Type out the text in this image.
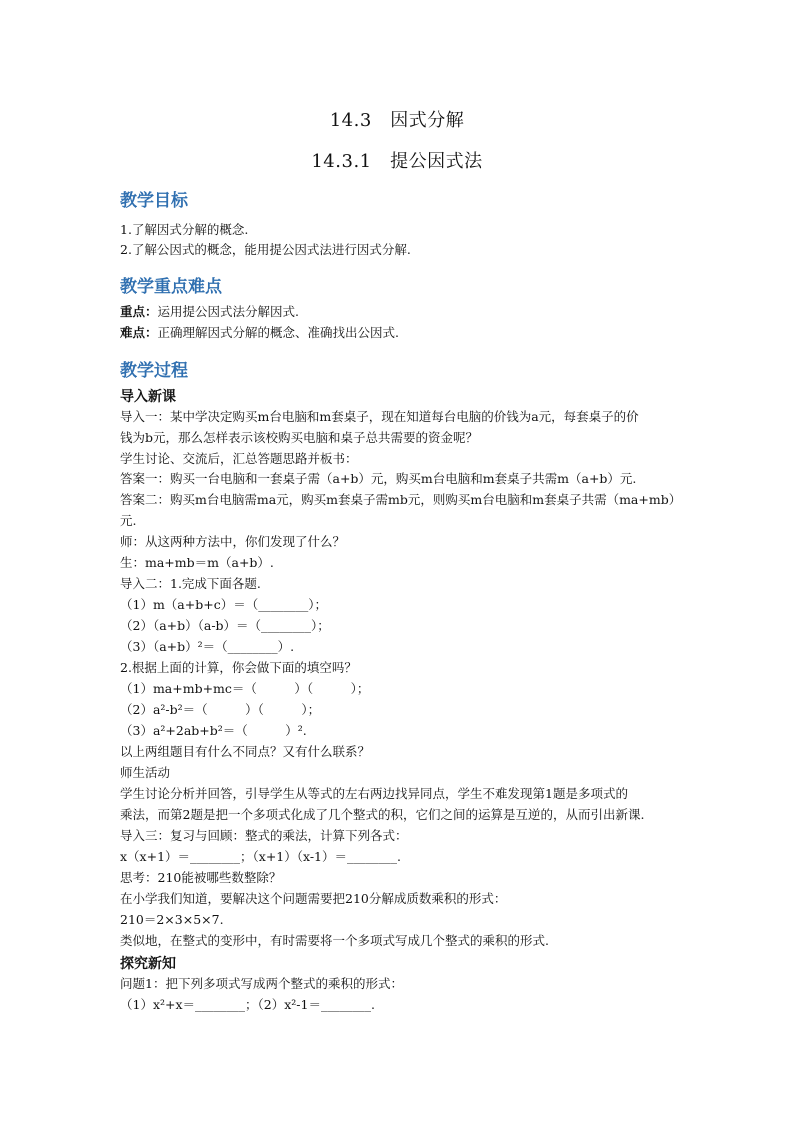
14.3　因式分解
14.3.1　提公因式法
教学目标
1.了解因式分解的概念.
2.了解公因式的概念，能用提公因式法进行因式分解.
教学重点难点
重点：运用提公因式法分解因式.
难点：正确理解因式分解的概念、准确找出公因式.
教学过程
导入新课
导入一：某中学决定购买m台电脑和m套桌子，现在知道每台电脑的价钱为a元，每套桌子的价
钱为b元，那么怎样表示该校购买电脑和桌子总共需要的资金呢？
学生讨论、交流后，汇总答题思路并板书：
答案一：购买一台电脑和一套桌子需（a+b）元，购买m台电脑和m套桌子共需m（a+b）元.
答案二：购买m台电脑需ma元，购买m套桌子需mb元，则购买m台电脑和m套桌子共需（ma+mb）
元.
师：从这两种方法中，你们发现了什么？
生：ma+mb＝m（a+b）.
导入二：1.完成下面各题.
（1）m（a+b+c）＝（________）；
（2）（a+b）（a-b）＝（________）；
（3）（a+b）²＝（________）.
2.根据上面的计算，你会做下面的填空吗？
（1）ma+mb+mc＝（　　　）（　　　）；
（2）a²-b²＝（　　　）（　　　）；
（3）a²+2ab+b²＝（　　　）².
以上两组题目有什么不同点？又有什么联系？
师生活动
学生讨论分析并回答，引导学生从等式的左右两边找异同点，学生不难发现第1题是多项式的
乘法，而第2题是把一个多项式化成了几个整式的积，它们之间的运算是互逆的，从而引出新课.
导入三：复习与回顾：整式的乘法，计算下列各式：
x（x+1）＝________；（x+1）（x-1）＝________.
思考：210能被哪些数整除？
在小学我们知道，要解决这个问题需要把210分解成质数乘积的形式：
210＝2×3×5×7.
类似地，在整式的变形中，有时需要将一个多项式写成几个整式的乘积的形式.
探究新知
问题1：把下列多项式写成两个整式的乘积的形式：
（1）x²+x＝________；（2）x²-1＝________.
